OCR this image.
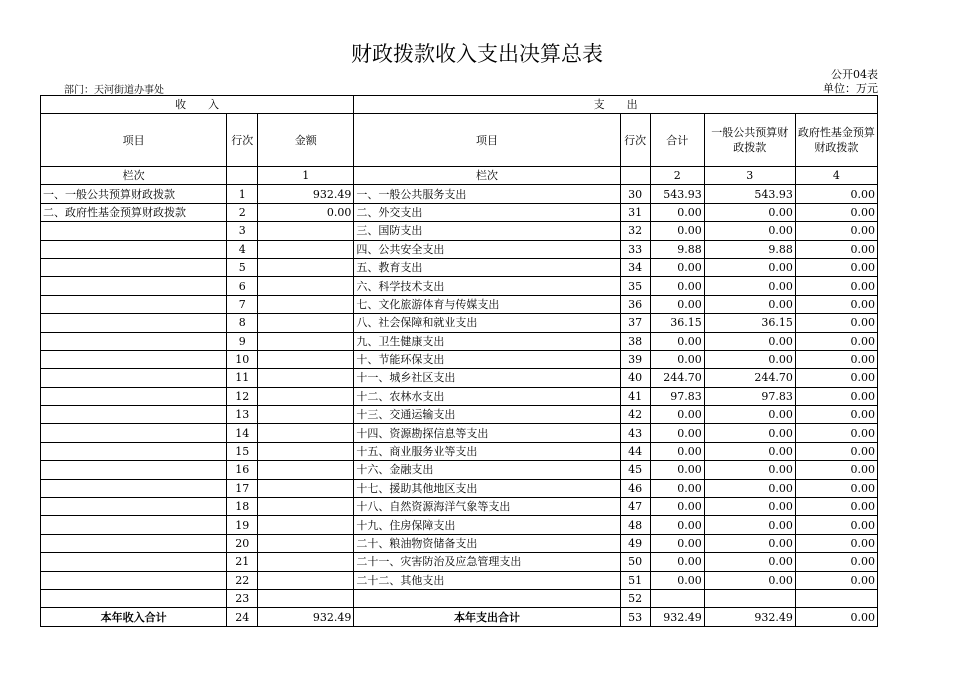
财政拨款收入支出决算总表
公开04表
部门：天河街道办事处	单位：万元
收　　入			支　　出				
项目	行次	金额	项目	行次	合计	一般公共预算财政拨款	政府性基金预算财政拨款
栏次		1	栏次		2	3	4
一、一般公共预算财政拨款	1	932.49	一、一般公共服务支出	30	543.93	543.93	0.00
二、政府性基金预算财政拨款	2	0.00	二、外交支出	31	0.00	0.00	0.00
	3		三、国防支出	32	0.00	0.00	0.00
	4		四、公共安全支出	33	9.88	9.88	0.00
	5		五、教育支出	34	0.00	0.00	0.00
	6		六、科学技术支出	35	0.00	0.00	0.00
	7		七、文化旅游体育与传媒支出	36	0.00	0.00	0.00
	8		八、社会保障和就业支出	37	36.15	36.15	0.00
	9		九、卫生健康支出	38	0.00	0.00	0.00
	10		十、节能环保支出	39	0.00	0.00	0.00
	11		十一、城乡社区支出	40	244.70	244.70	0.00
	12		十二、农林水支出	41	97.83	97.83	0.00
	13		十三、交通运输支出	42	0.00	0.00	0.00
	14		十四、资源勘探信息等支出	43	0.00	0.00	0.00
	15		十五、商业服务业等支出	44	0.00	0.00	0.00
	16		十六、金融支出	45	0.00	0.00	0.00
	17		十七、援助其他地区支出	46	0.00	0.00	0.00
	18		十八、自然资源海洋气象等支出	47	0.00	0.00	0.00
	19		十九、住房保障支出	48	0.00	0.00	0.00
	20		二十、粮油物资储备支出	49	0.00	0.00	0.00
	21		二十一、灾害防治及应急管理支出	50	0.00	0.00	0.00
	22		二十二、其他支出	51	0.00	0.00	0.00
	23			52			
本年收入合计	24	932.49	本年支出合计	53	932.49	932.49	0.00
